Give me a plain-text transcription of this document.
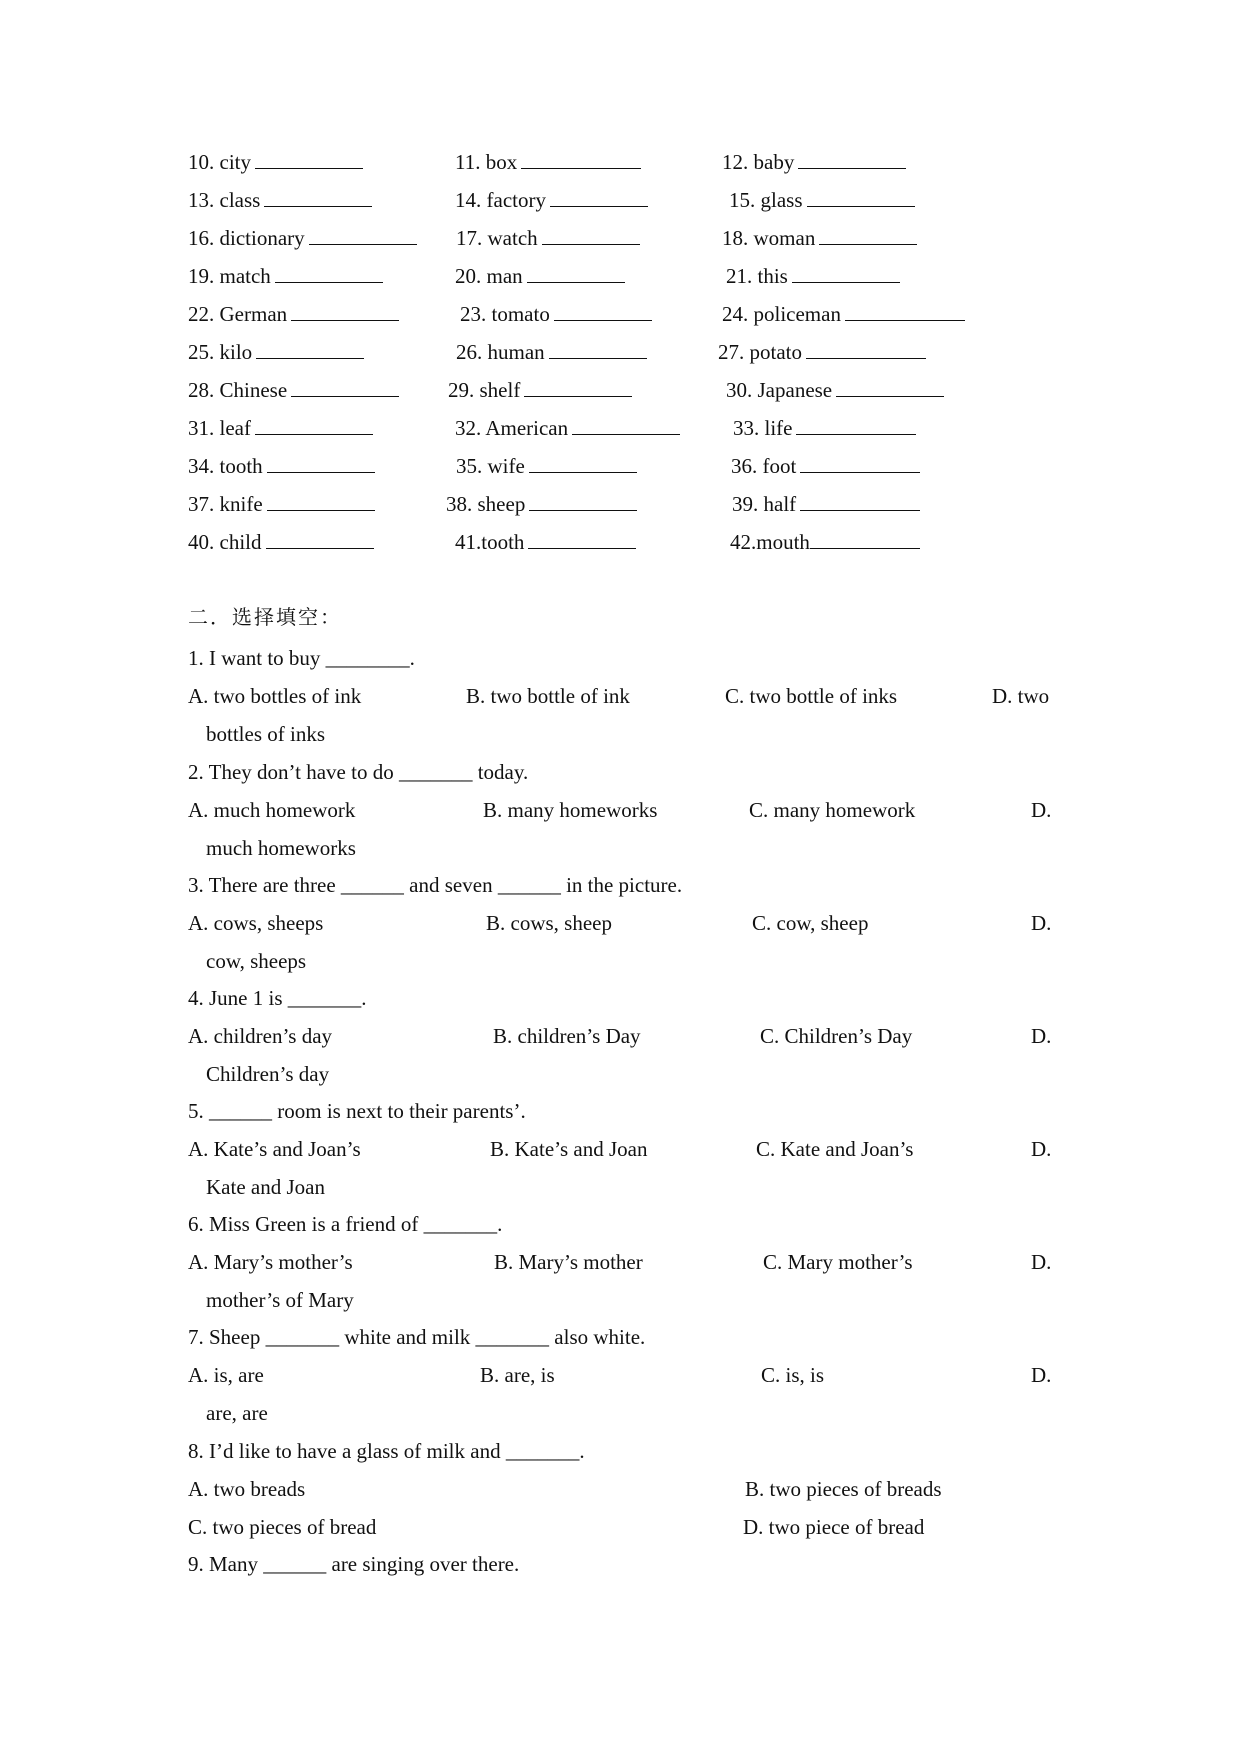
10. city	11. box	12. baby
13. class	14. factory	15. glass
16. dictionary	17. watch	18. woman
19. match	20. man	21. this
22. German	23. tomato	24. policeman
25. kilo	26. human	27. potato
28. Chinese	29. shelf	30. Japanese
31. leaf	32. American	33. life
34. tooth	35. wife	36. foot
37. knife	38. sheep	39. half
40. child	41.tooth	42.mouth
二．选择填空：
1. I want to buy ________.
A. two bottles of ink	B. two bottle of ink	C. two bottle of inks	D. two
bottles of inks
2. They don’t have to do _______ today.
A. much homework	B. many homeworks	C. many homework	D.
much homeworks
3. There are three ______ and seven ______ in the picture.
A. cows, sheeps	B. cows, sheep	C. cow, sheep	D.
cow, sheeps
4. June 1 is _______.
A. children’s day	B. children’s Day	C. Children’s Day	D.
Children’s day
5. ______ room is next to their parents’.
A. Kate’s and Joan’s	B. Kate’s and Joan	C. Kate and Joan’s	D.
Kate and Joan
6. Miss Green is a friend of _______.
A. Mary’s mother’s	B. Mary’s mother	C. Mary mother’s	D.
mother’s of Mary
7. Sheep _______ white and milk _______ also white.
A. is, are	B. are, is	C. is, is	D.
are, are
8. I’d like to have a glass of milk and _______.
A. two breads	B. two pieces of breads
C. two pieces of bread	D. two piece of bread
9. Many ______ are singing over there.
